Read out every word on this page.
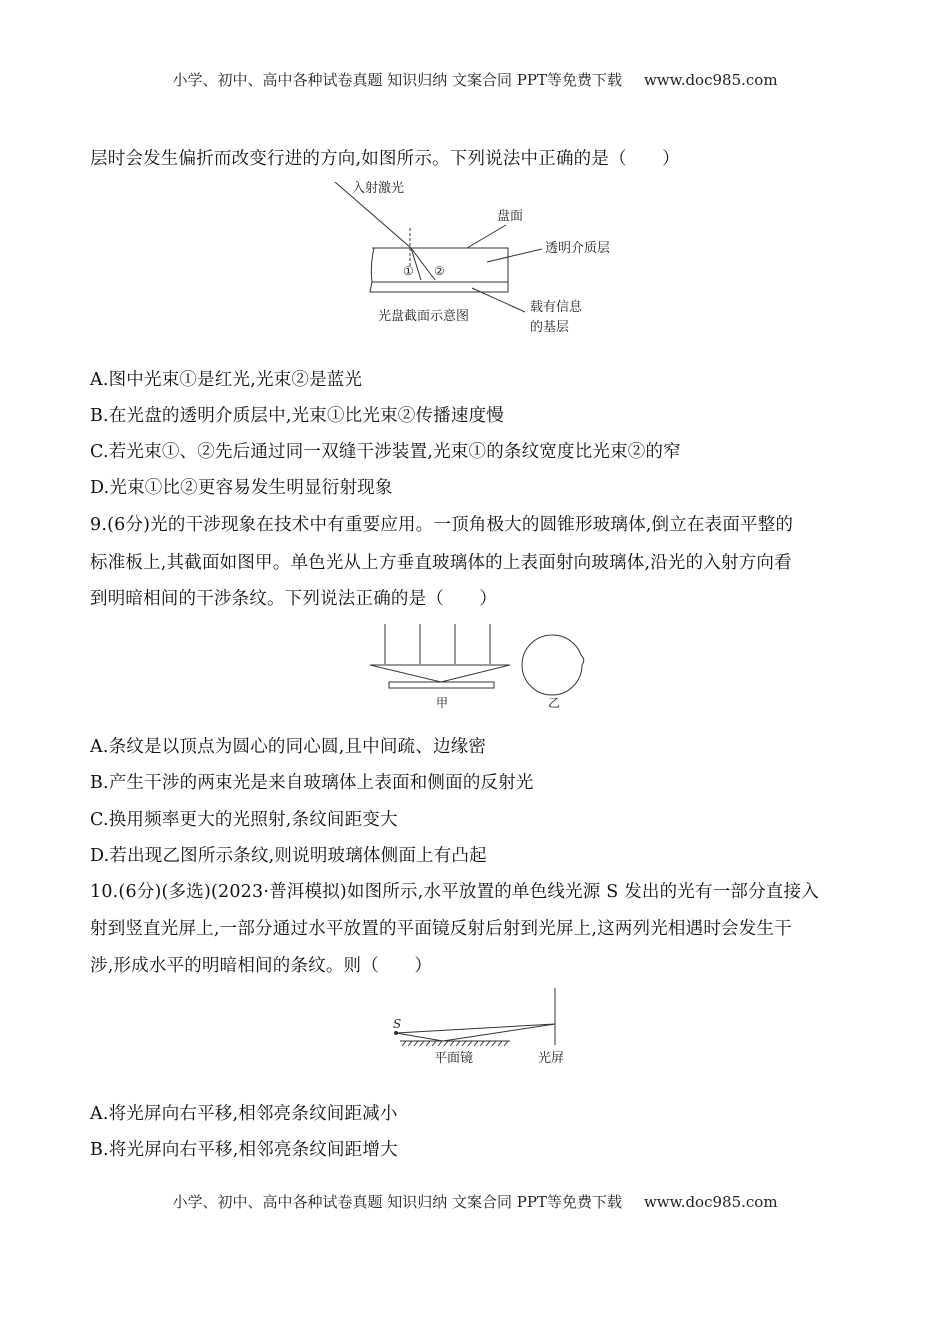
小学、初中、高中各种试卷真题 知识归纳 文案合同 PPT等免费下载 www.doc985.com
层时会发生偏折而改变行进的方向,如图所示。下列说法中正确的是（　　）
入射激光
盘面
透明介质层
① ②
光盘截面示意图
载有信息
的基层
甲	乙
S
平面镜	光屏
A.图中光束①是红光,光束②是蓝光
B.在光盘的透明介质层中,光束①比光束②传播速度慢
C.若光束①、②先后通过同一双缝干涉装置,光束①的条纹宽度比光束②的窄
D.光束①比②更容易发生明显衍射现象
9.(6分)光的干涉现象在技术中有重要应用。一顶角极大的圆锥形玻璃体,倒立在表面平整的
标准板上,其截面如图甲。单色光从上方垂直玻璃体的上表面射向玻璃体,沿光的入射方向看
到明暗相间的干涉条纹。下列说法正确的是（　　）
A.条纹是以顶点为圆心的同心圆,且中间疏、边缘密
B.产生干涉的两束光是来自玻璃体上表面和侧面的反射光
C.换用频率更大的光照射,条纹间距变大
D.若出现乙图所示条纹,则说明玻璃体侧面上有凸起
10.(6分)(多选)(2023·普洱模拟)如图所示,水平放置的单色线光源 S 发出的光有一部分直接入
射到竖直光屏上,一部分通过水平放置的平面镜反射后射到光屏上,这两列光相遇时会发生干
涉,形成水平的明暗相间的条纹。则（　　）
A.将光屏向右平移,相邻亮条纹间距减小
B.将光屏向右平移,相邻亮条纹间距增大
小学、初中、高中各种试卷真题 知识归纳 文案合同 PPT等免费下载 www.doc985.com
